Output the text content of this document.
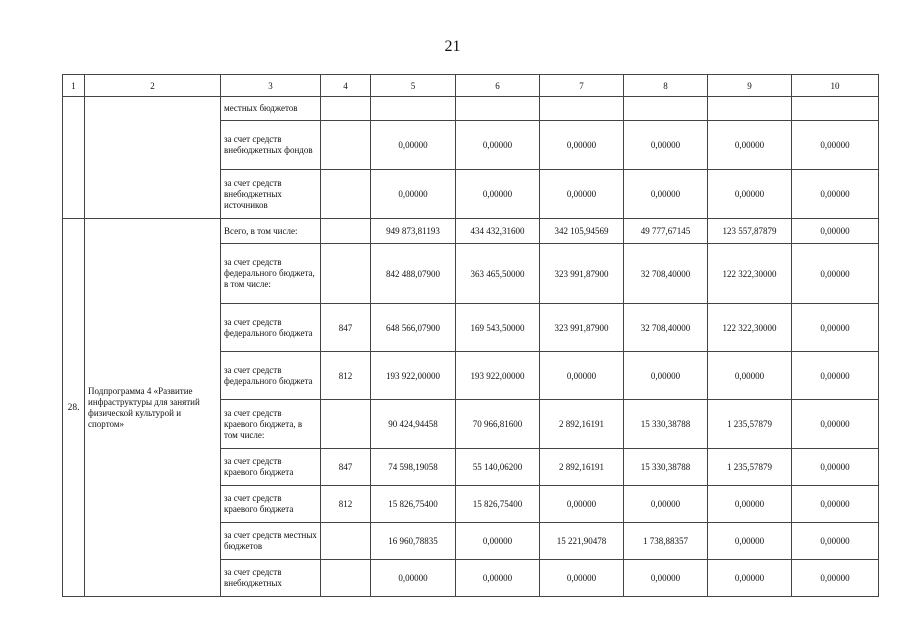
21
1	2	3	4	5	6	7	8	9	10
		местных бюджетов							
		за счет средств внебюджетных фондов		0,00000	0,00000	0,00000	0,00000	0,00000	0,00000
		за счет средств внебюджетных источников		0,00000	0,00000	0,00000	0,00000	0,00000	0,00000
28.	Подпрограмма 4 «Развитие инфраструктуры для занятий физической культурой и спортом»	Всего, в том числе:		949 873,81193	434 432,31600	342 105,94569	49 777,67145	123 557,87879	0,00000
		за счет средств федерального бюджета, в том числе:		842 488,07900	363 465,50000	323 991,87900	32 708,40000	122 322,30000	0,00000
		за счет средств федерального бюджета	847	648 566,07900	169 543,50000	323 991,87900	32 708,40000	122 322,30000	0,00000
		за счет средств федерального бюджета	812	193 922,00000	193 922,00000	0,00000	0,00000	0,00000	0,00000
		за счет средств краевого бюджета, в том числе:		90 424,94458	70 966,81600	2 892,16191	15 330,38788	1 235,57879	0,00000
		за счет средств краевого бюджета	847	74 598,19058	55 140,06200	2 892,16191	15 330,38788	1 235,57879	0,00000
		за счет средств краевого бюджета	812	15 826,75400	15 826,75400	0,00000	0,00000	0,00000	0,00000
		за счет средств местных бюджетов		16 960,78835	0,00000	15 221,90478	1 738,88357	0,00000	0,00000
		за счет средств внебюджетных		0,00000	0,00000	0,00000	0,00000	0,00000	0,00000
